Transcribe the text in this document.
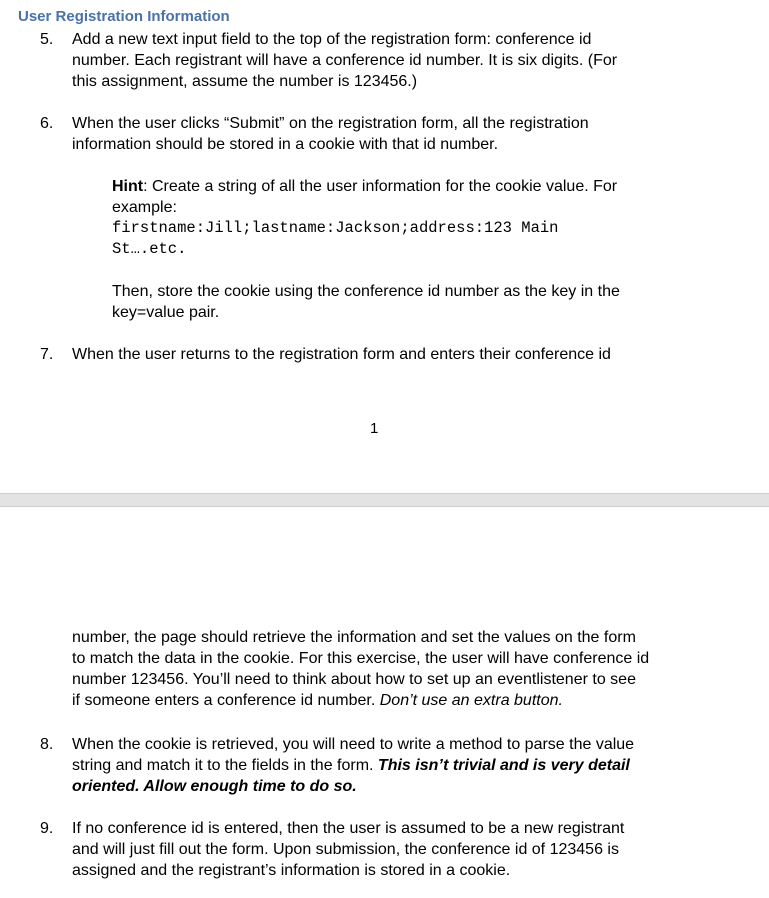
User Registration Information
5. Add a new text input field to the top of the registration form: conference id
number. Each registrant will have a conference id number. It is six digits. (For
this assignment, assume the number is 123456.)
6. When the user clicks “Submit” on the registration form, all the registration
information should be stored in a cookie with that id number.
Hint: Create a string of all the user information for the cookie value. For
example:
firstname:Jill;lastname:Jackson;address:123 Main
St….etc.
Then, store the cookie using the conference id number as the key in the
key=value pair.
7. When the user returns to the registration form and enters their conference id
1
number, the page should retrieve the information and set the values on the form
to match the data in the cookie. For this exercise, the user will have conference id
number 123456. You’ll need to think about how to set up an eventlistener to see
if someone enters a conference id number. Don’t use an extra button.
8. When the cookie is retrieved, you will need to write a method to parse the value
string and match it to the fields in the form. This isn’t trivial and is very detail
oriented. Allow enough time to do so.
9. If no conference id is entered, then the user is assumed to be a new registrant
and will just fill out the form. Upon submission, the conference id of 123456 is
assigned and the registrant’s information is stored in a cookie.
